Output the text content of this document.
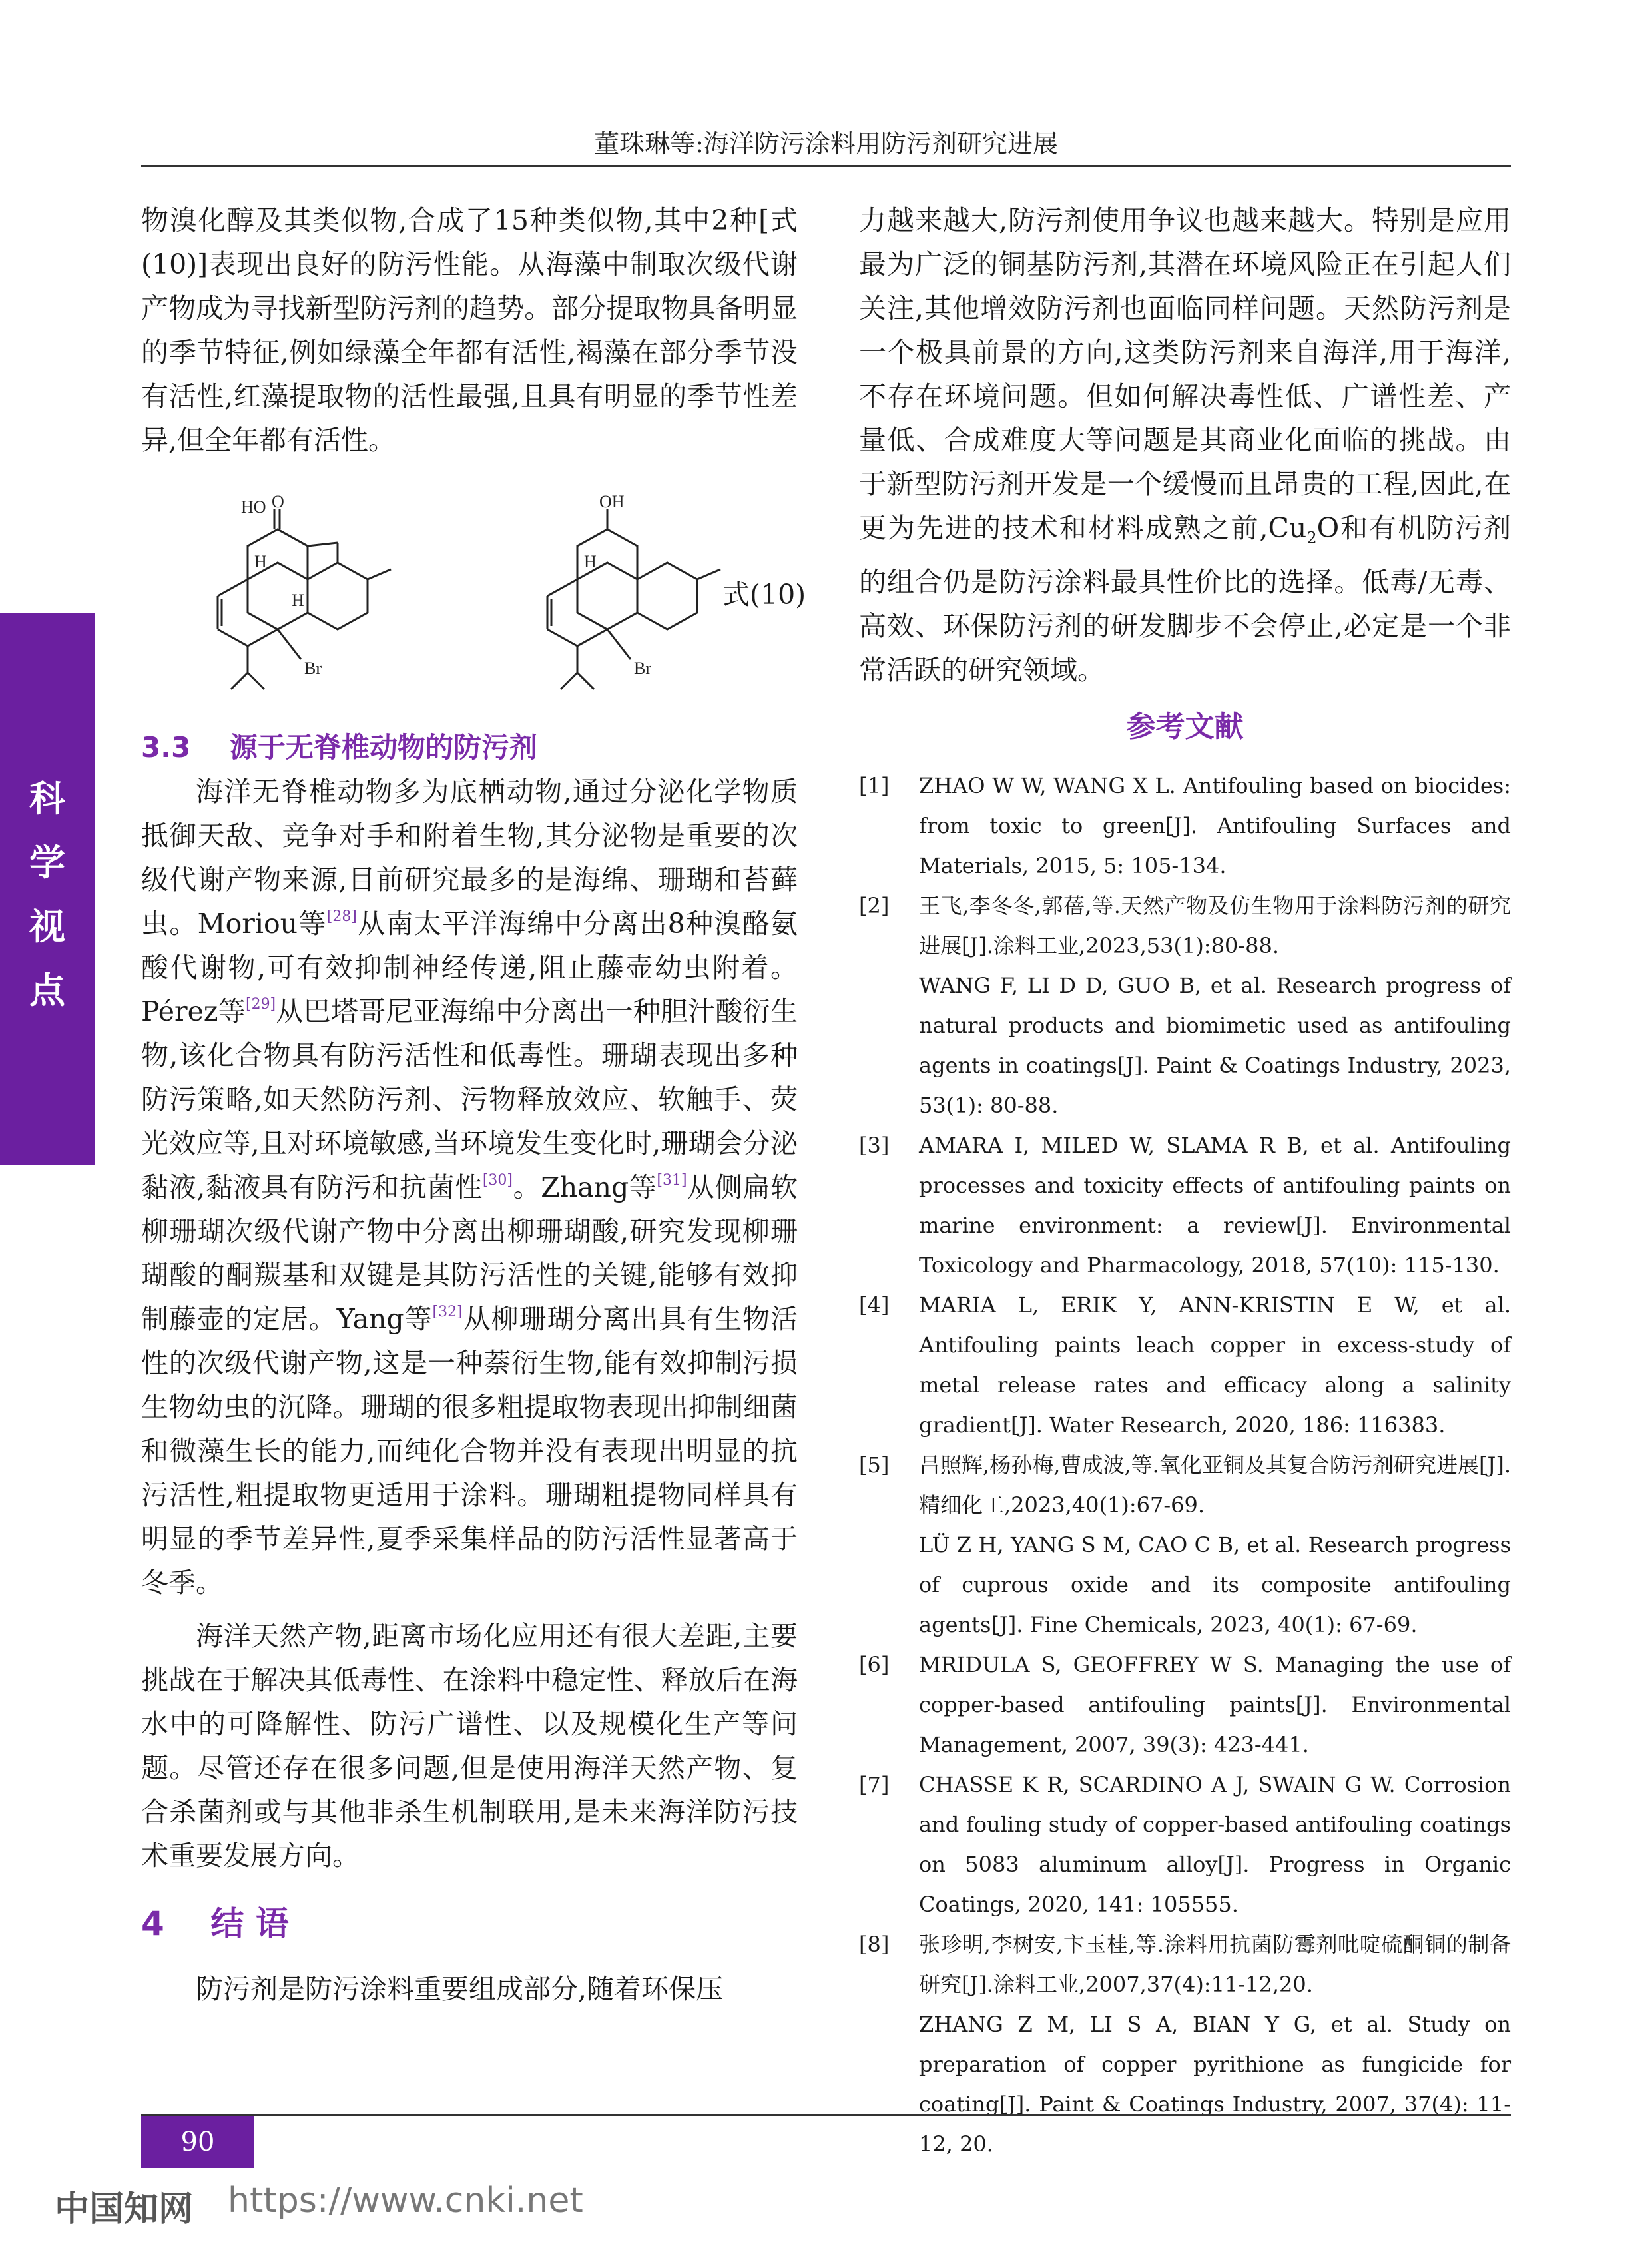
董珠琳等:海洋防污涂料用防污剂研究进展
科
学
视
点

物溴化醇及其类似物,合成了15种类似物,其中2种[式(10)]表现出良好的防污性能。从海藻中制取次级代谢产物成为寻找新型防污剂的趋势。部分提取物具备明显的季节特征,例如绿藻全年都有活性,褐藻在部分季节没有活性,红藻提取物的活性最强,且具有明显的季节性差异,但全年都有活性。

HO O
H
H
Br
OH
H
Br
式(10)

3.3 源于无脊椎动物的防污剂

海洋无脊椎动物多为底栖动物,通过分泌化学物质抵御天敌、竞争对手和附着生物,其分泌物是重要的次级代谢产物来源,目前研究最多的是海绵、珊瑚和苔藓虫。Moriou等[28]从南太平洋海绵中分离出8种溴酪氨酸代谢物,可有效抑制神经传递,阻止藤壶幼虫附着。Pérez等[29]从巴塔哥尼亚海绵中分离出一种胆汁酸衍生物,该化合物具有防污活性和低毒性。珊瑚表现出多种防污策略,如天然防污剂、污物释放效应、软触手、荧光效应等,且对环境敏感,当环境发生变化时,珊瑚会分泌黏液,黏液具有防污和抗菌性[30]。Zhang等[31]从侧扁软柳珊瑚次级代谢产物中分离出柳珊瑚酸,研究发现柳珊瑚酸的酮羰基和双键是其防污活性的关键,能够有效抑制藤壶的定居。Yang等[32]从柳珊瑚分离出具有生物活性的次级代谢产物,这是一种萘衍生物,能有效抑制污损生物幼虫的沉降。珊瑚的很多粗提取物表现出抑制细菌和微藻生长的能力,而纯化合物并没有表现出明显的抗污活性,粗提取物更适用于涂料。珊瑚粗提物同样具有明显的季节差异性,夏季采集样品的防污活性显著高于冬季。

海洋天然产物,距离市场化应用还有很大差距,主要挑战在于解决其低毒性、在涂料中稳定性、释放后在海水中的可降解性、防污广谱性、以及规模化生产等问题。尽管还存在很多问题,但是使用海洋天然产物、复合杀菌剂或与其他非杀生机制联用,是未来海洋防污技术重要发展方向。

4 结 语

防污剂是防污涂料重要组成部分,随着环保压

力越来越大,防污剂使用争议也越来越大。特别是应用最为广泛的铜基防污剂,其潜在环境风险正在引起人们关注,其他增效防污剂也面临同样问题。天然防污剂是一个极具前景的方向,这类防污剂来自海洋,用于海洋,不存在环境问题。但如何解决毒性低、广谱性差、产量低、合成难度大等问题是其商业化面临的挑战。由于新型防污剂开发是一个缓慢而且昂贵的工程,因此,在更为先进的技术和材料成熟之前$,Cu_2O$和有机防污剂的组合仍是防污涂料最具性价比的选择。低毒/无毒、高效、环保防污剂的研发脚步不会停止,必定是一个非常活跃的研究领域。

参考文献
[1]	ZHAO W W, WANG X L. Antifouling based on biocides: from toxic to green[J]. Antifouling Surfaces and Materials, 2015, 5: 105-134.
[2]	王飞,李冬冬,郭蓓,等.天然产物及仿生物用于涂料防污剂的研究进展[J].涂料工业,2023,53(1):80-88.
WANG F, LI D D, GUO B, et al. Research progress of natural products and biomimetic used as antifouling agents in coatings[J]. Paint & Coatings Industry, 2023, 53(1): 80-88.
[3]	AMARA I, MILED W, SLAMA R B, et al. Antifouling processes and toxicity effects of antifouling paints on marine environment: a review[J]. Environmental Toxicology and Pharmacology, 2018, 57(10): 115-130.
[4]	MARIA L, ERIK Y, ANN-KRISTIN E W, et al. Antifouling paints leach copper in excess-study of metal release rates and efficacy along a salinity gradient[J]. Water Research, 2020, 186: 116383.
[5]	吕照辉,杨孙梅,曹成波,等.氧化亚铜及其复合防污剂研究进展[J].精细化工,2023,40(1):67-69.
LÜ Z H, YANG S M, CAO C B, et al. Research progress of cuprous oxide and its composite antifouling agents[J]. Fine Chemicals, 2023, 40(1): 67-69.
[6]	MRIDULA S, GEOFFREY W S. Managing the use of copper-based antifouling paints[J]. Environmental Management, 2007, 39(3): 423-441.
[7]	CHASSE K R, SCARDINO A J, SWAIN G W. Corrosion and fouling study of copper-based antifouling coatings on 5083 aluminum alloy[J]. Progress in Organic Coatings, 2020, 141: 105555.
[8]	张珍明,李树安,卞玉桂,等.涂料用抗菌防霉剂吡啶硫酮铜的制备研究[J].涂料工业,2007,37(4):11-12,20.
ZHANG Z M, LI S A, BIAN Y G, et al. Study on preparation of copper pyrithione as fungicide for coating[J]. Paint & Coatings Industry, 2007, 37(4): 11-12, 20.
90
中国知网 https://www.cnki.net
